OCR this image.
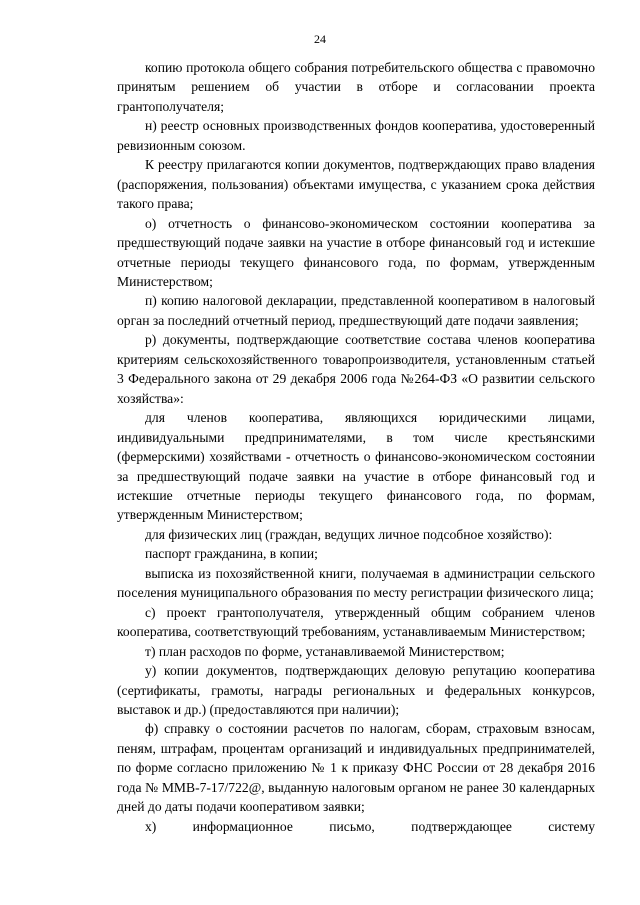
24

копию протокола общего собрания потребительского общества с правомочно принятым решением об участии в отборе и согласовании проекта грантополучателя;

н) реестр основных производственных фондов кооператива, удостоверенный ревизионным союзом.

К реестру прилагаются копии документов, подтверждающих право владения (распоряжения, пользования) объектами имущества, с указанием срока действия такого права;

о) отчетность о финансово-экономическом состоянии кооператива за предшествующий подаче заявки на участие в отборе финансовый год и истекшие отчетные периоды текущего финансового года, по формам, утвержденным Министерством;

п) копию налоговой декларации, представленной кооперативом в налоговый орган за последний отчетный период, предшествующий дате подачи заявления;

р) документы, подтверждающие соответствие состава членов кооператива критериям сельскохозяйственного товаропроизводителя, установленным статьей 3 Федерального закона от 29 декабря 2006 года №264-ФЗ «О развитии сельского хозяйства»:

для членов кооператива, являющихся юридическими лицами, индивидуальными предпринимателями, в том числе крестьянскими (фермерскими) хозяйствами - отчетность о финансово-экономическом состоянии за предшествующий подаче заявки на участие в отборе финансовый год и истекшие отчетные периоды текущего финансового года, по формам, утвержденным Министерством;

для физических лиц (граждан, ведущих личное подсобное хозяйство):

паспорт гражданина, в копии;

выписка из похозяйственной книги, получаемая в администрации сельского поселения муниципального образования по месту регистрации физического лица;

с) проект грантополучателя, утвержденный общим собранием членов кооператива, соответствующий требованиям, устанавливаемым Министерством;

т) план расходов по форме, устанавливаемой Министерством;

у) копии документов, подтверждающих деловую репутацию кооператива (сертификаты, грамоты, награды региональных и федеральных конкурсов, выставок и др.) (предоставляются при наличии);

ф) справку о состоянии расчетов по налогам, сборам, страховым взносам, пеням, штрафам, процентам организаций и индивидуальных предпринимателей, по форме согласно приложению № 1 к приказу ФНС России от 28 декабря 2016 года № ММВ-7-17/722@, выданную налоговым органом не ранее 30 календарных дней до даты подачи кооперативом заявки;

х) информационное письмо, подтверждающее систему
